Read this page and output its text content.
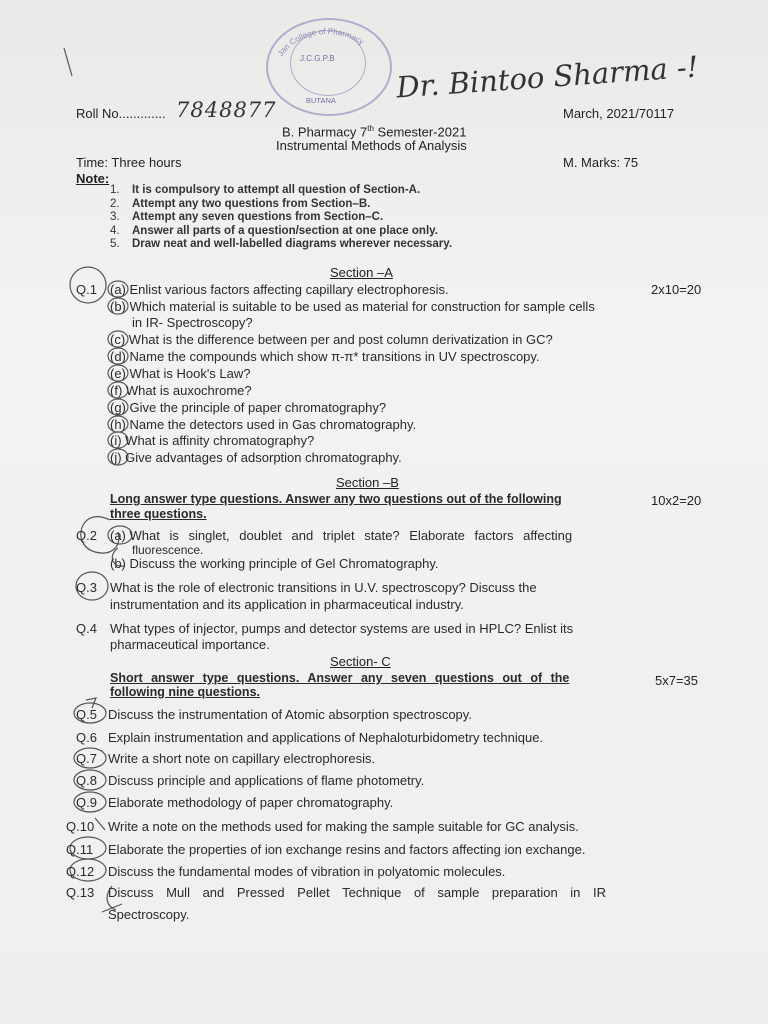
Jan College of Pharmacy
J.C.G.P.B
BUTANA Dr. Bintoo Sharma -!
Roll No............. 7848877	March, 2021/70117
B. Pharmacy 7th Semester-2021
Instrumental Methods of Analysis
Time: Three hours	M. Marks: 75
Note:
1. It is compulsory to attempt all question of Section-A.
2. Attempt any two questions from Section–B.
3. Attempt any seven questions from Section–C.
4. Answer all parts of a question/section at one place only.
5. Draw neat and well-labelled diagrams wherever necessary.
Section –A
2x10=20
Q.1 (a) Enlist various factors affecting capillary electrophoresis.
(b) Which material is suitable to be used as material for construction for sample cells
in IR- Spectroscopy?
(c) What is the difference between per and post column derivatization in GC?
(d) Name the compounds which show π-π* transitions in UV spectroscopy.
(e) What is Hook's Law?
(f) What is auxochrome?
(g) Give the principle of paper chromatography?
(h) Name the detectors used in Gas chromatography.
(i) What is affinity chromatography?
(j) Give advantages of adsorption chromatography.
Section –B
Long answer type questions. Answer any two questions out of the following
three questions.
10x2=20
Q.2 (a) What is singlet, doublet and triplet state? Elaborate factors affecting
fluorescence.
(b) Discuss the working principle of Gel Chromatography.
Q.3 What is the role of electronic transitions in U.V. spectroscopy? Discuss the
instrumentation and its application in pharmaceutical industry.
Q.4 What types of injector, pumps and detector systems are used in HPLC? Enlist its
pharmaceutical importance.
Section- C
Short answer type questions. Answer any seven questions out of the
following nine questions.
5x7=35
Q.5 Discuss the instrumentation of Atomic absorption spectroscopy.
Q.6 Explain instrumentation and applications of Nephaloturbidometry technique.
Q.7 Write a short note on capillary electrophoresis.
Q.8 Discuss principle and applications of flame photometry.
Q.9 Elaborate methodology of paper chromatography.
Q.10 Write a note on the methods used for making the sample suitable for GC analysis.
Q.11 Elaborate the properties of ion exchange resins and factors affecting ion exchange.
Q.12 Discuss the fundamental modes of vibration in polyatomic molecules.
Q.13 Discuss Mull and Pressed Pellet Technique of sample preparation in IR
Spectroscopy.
